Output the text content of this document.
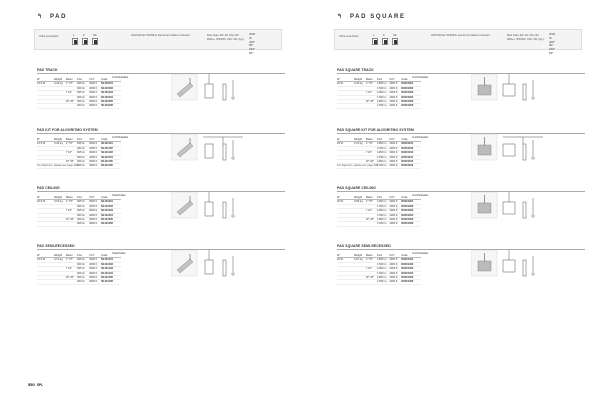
↰ PAD
Ultra anodized	L	F	SF	220/240Vac 50/60Hz electronic ballast included	Max Halo 4D/ 2H UN+/30 DMG+ IP40/ID/ CRI >90 (typ.)
IP40
IK
400°
80°
150°
90°
PAD TRACK
Unrithinkable
W	Weight	Beam	Flux	CCT	Code
15,5 W	0,46 kg	1° 57°	825 lm	3000 K	N1101001
			900 lm	4000 K	N1101002
		7 16°	825 lm	3000 K	N1101003
			900 lm	4000 K	N1101004
		W° 26°	900 lm	3000 K	N1101005
			900 lm	4000 K	N1101006
PAD KIT FOR ALGORITMO SYSTEM
Unrithinkable
W	Weight	Beam	Flux	CCT	Code
15,5 W	0,46 kg	1° 57°	825 lm	3000 K	N1101101
			900 lm	4000 K	N1101102
		7 16°	825 lm	3000 K	N1101103
			900 lm	4000 K	N1101104
		W° 26°	900 lm	3000 K	N1101105
			900 lm	4000 K	N1101106
For Algoritmo, please see page 468
PAD CEILING
Switchable
W	Weight	Beam	Flux	CCT	Code
15,5 W	0,76 kg	1° 57°	825 lm	3000 K	N1101301
			900 lm	4000 K	N1101302
		7 16°	825 lm	3000 K	N1101303
			900 lm	4000 K	N1101304
		W° 26°	900 lm	3000 K	N1101305
			900 lm	4000 K	N1101306
PAD SEMI-RECESSED
Switchable
W	Weight	Beam	Flux	CCT	Code
15,5 W	0,74 kg	1° 57°	825 lm	3000 K	N1101401
			900 lm	4000 K	N1101402
		7 16°	825 lm	3000 K	N1101403
			900 lm	4000 K	N1101404
		W° 26°	900 lm	3000 K	N1101405
			900 lm	4000 K	N1101406
550 SPL
↰ PAD SQUARE
Ultra anodized	L	F	SF	220/240Vac 50/60Hz electronic ballast included	Max Halo 4D/ 2H UN+/30 DMG+ IP40/ID/ CRI >90 (typ.)
IP40
IK
400°
80°
150°
90°
PAD SQUARE TRACK
Unrithinkable
W	Weight	Beam	Flux	CCT	Code
29 W	0,46 kg	1° 57°	1450 lm	3000 K	N0201001
			1700 lm	4000 K	N0201002
		7 16°	1450 lm	3000 K	N0201003
			1700 lm	4000 K	N0201004
		W° 26°	1450 lm	3000 K	N0201005
			1700 lm	4000 K	N0201006
PAD SQUARE KIT FOR ALGORITMO SYSTEM
Unrithinkable
W	Weight	Beam	Flux	CCT	Code
29 W	0,76 kg	1° 57°	1450 lm	3000 K	N0201101
			1700 lm	4000 K	N0201102
		7 16°	1450 lm	3000 K	N0201103
			1700 lm	4000 K	N0201104
		W° 26°	1450 lm	3000 K	N0201105
			1700 lm	4000 K	N0201106
For Algoritmo, please see page 468
PAD SQUARE CEILING
Unrithinkable
W	Weight	Beam	Flux	CCT	Code
29 W	0,99 kg	1° 57°	1450 lm	3000 K	N0201301
			1700 lm	4000 K	N0201302
		7 16°	1450 lm	3000 K	N0201303
			1700 lm	4000 K	N0201304
		W° 26°	1450 lm	3000 K	N0201305
			1700 lm	4000 K	N0201306
PAD SQUARE SEMI-RECESSED
Unrithinkable
W	Weight	Beam	Flux	CCT	Code
29 W	0,97 kg	1° 57°	1450 lm	3000 K	N0201401
			1700 lm	4000 K	N0201402
		7 16°	1450 lm	3000 K	N0201403
			1700 lm	4000 K	N0201404
		W° 26°	1450 lm	3000 K	N0201405
			1700 lm	4000 K	N0201406
